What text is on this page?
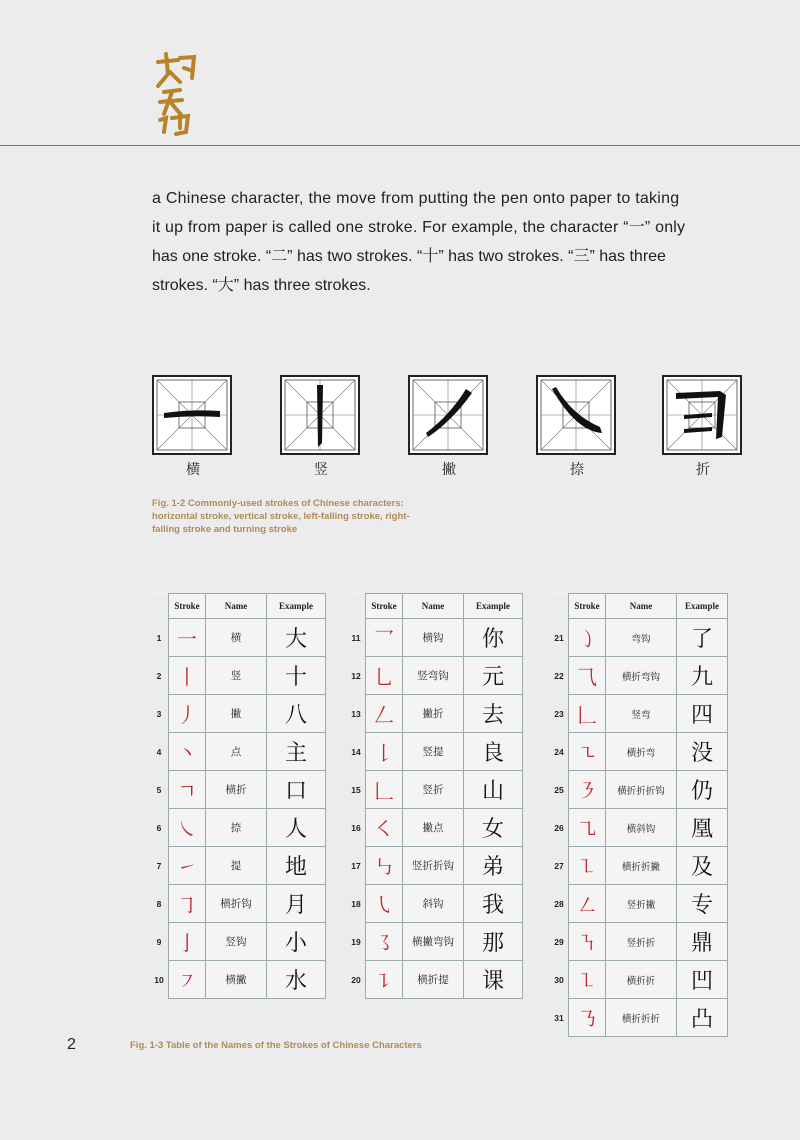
a Chinese character, the move from putting the pen onto paper to taking
it up from paper is called one stroke. For example, the character “一” only
has one stroke. “二” has two strokes. “十” has two strokes. “三” has three
strokes. “大” has three strokes.
横	竖	撇	捺	折
Fig. 1-2 Commonly-used strokes of Chinese characters:
horizontal stroke, vertical stroke, left-falling stroke, right-
falling stroke and turning stroke
	Stroke	Name	Example
1	一	横	大
2	丨	竖	十
3	丿	撇	八
4	丶	点	主
5	ㄱ	横折	口
6	㇏	捺	人
7	㇀	提	地
8	㇆	横折钩	月
9	亅	竖钩	小
10	㇇	横撇	水
	Stroke	Name	Example
11	乛	横钩	你
12	乚	竖弯钩	元
13	𠃋	撇折	去
14	𠄌	竖提	良
15	𠃊	竖折	山
16	㇛	撇点	女
17	㇉	竖折折钩	弟
18	㇂	斜钩	我
19	㇌	横撇弯钩	那
20	㇊	横折提	课
	Stroke	Name	Example
21	㇁	弯钩	了
22	⺄	横折弯钩	九
23	𠃊	竖弯	四
24	㇍	横折弯	没
25	㇋	横折折折钩	仍
26	㇈	横斜钩	凰
27	㇅	横折折撇	及
28	㇜	竖折撇	专
29	㇎	竖折折	鼎
30	㇅	横折折	凹
31	㇡	横折折折	凸
2	Fig. 1-3 Table of the Names of the Strokes of Chinese Characters
